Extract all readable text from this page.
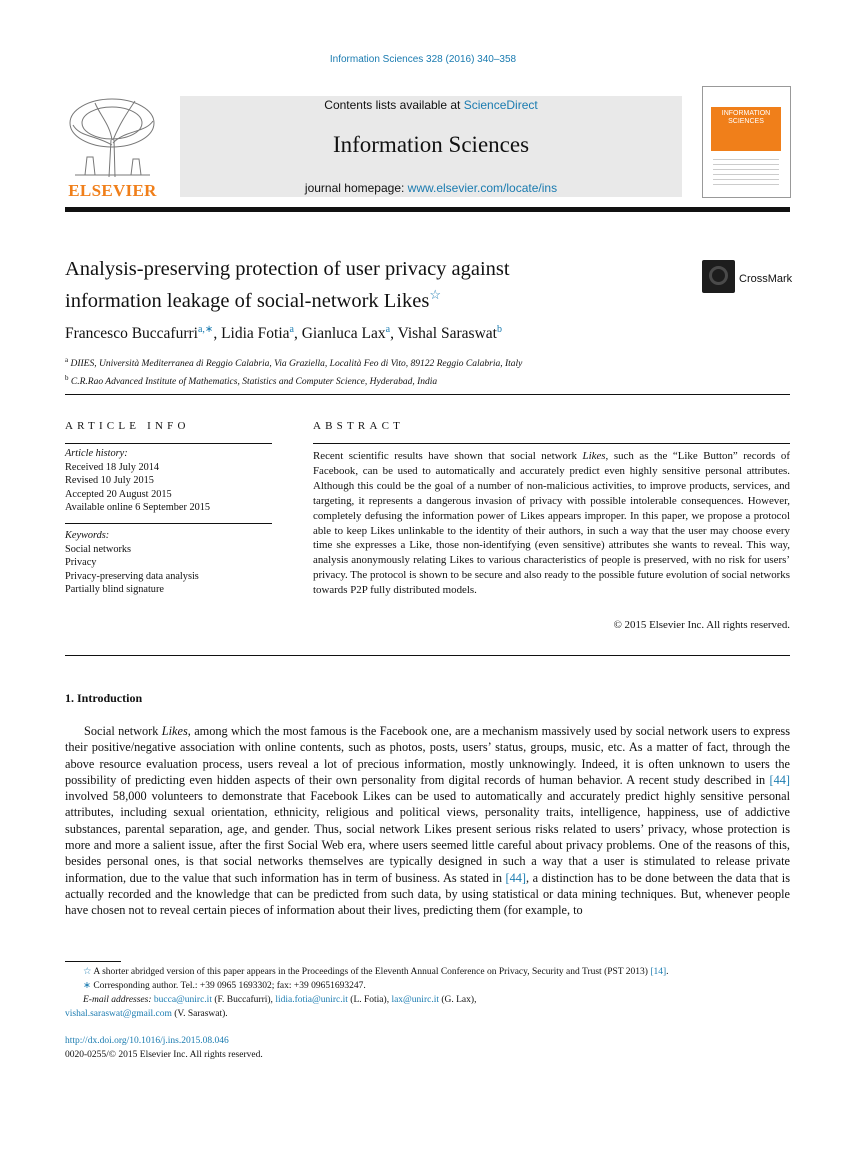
Information Sciences 328 (2016) 340–358
ELSEVIER
Contents lists available at ScienceDirect
Information Sciences
journal homepage: www.elsevier.com/locate/ins
INFORMATION SCIENCES
Analysis-preserving protection of user privacy against
information leakage of social-network Likes☆
CrossMark
Francesco Buccafurri$^{a,∗}$, Lidia Fotia$^a$, Gianluca Lax$^a$, Vishal Saraswat$^b$
$^a$ DIIES, Università Mediterranea di Reggio Calabria, Via Graziella, Località Feo di Vito, 89122 Reggio Calabria, Italy
$^b$ C.R.Rao Advanced Institute of Mathematics, Statistics and Computer Science, Hyderabad, India
ARTICLE INFO	ABSTRACT
Article history:
Received 18 July 2014
Revised 10 July 2015
Accepted 20 August 2015
Available online 6 September 2015
Keywords:
Social networks
Privacy
Privacy-preserving data analysis
Partially blind signature
Recent scientific results have shown that social network Likes, such as the “Like Button” records of Facebook, can be used to automatically and accurately predict even highly sensitive personal attributes. Although this could be the goal of a number of non-malicious activities, to improve products, services, and targeting, it represents a dangerous invasion of privacy with possible intolerable consequences. However, completely defusing the information power of Likes appears improper. In this paper, we propose a protocol able to keep Likes unlinkable to the identity of their authors, in such a way that the user may choose every time she expresses a Like, those non-identifying (even sensitive) attributes she wants to reveal. This way, analysis anonymously relating Likes to various characteristics of people is preserved, with no risk for users’ privacy. The protocol is shown to be secure and also ready to the possible future evolution of social networks towards P2P fully distributed models.
© 2015 Elsevier Inc. All rights reserved.
1. Introduction
Social network Likes, among which the most famous is the Facebook one, are a mechanism massively used by social network users to express their positive/negative association with online contents, such as photos, posts, users’ status, groups, music, etc. As a matter of fact, through the above resource evaluation process, users reveal a lot of precious information, mostly unknowingly. Indeed, it is often unknown to users the possibility of predicting even hidden aspects of their own personality from digital records of human behavior. A recent study described in [44] involved 58,000 volunteers to demonstrate that Facebook Likes can be used to automatically and accurately predict highly sensitive personal attributes, including sexual orientation, ethnicity, religious and political views, personality traits, intelligence, happiness, use of addictive substances, parental separation, age, and gender. Thus, social network Likes present serious risks related to users’ privacy, whose protection is more and more a salient issue, after the first Social Web era, where users seemed little careful about privacy problems. One of the reasons of this, besides personal ones, is that social networks themselves are typically designed in such a way that a user is stimulated to release private information, due to the value that such information has in term of business. As stated in [44], a distinction has to be done between the data that is actually recorded and the knowledge that can be predicted from such data, by using statistical or data mining techniques. But, whenever people have chosen not to reveal certain pieces of information about their lives, predicting them (for example, to
☆ A shorter abridged version of this paper appears in the Proceedings of the Eleventh Annual Conference on Privacy, Security and Trust (PST 2013) [14].
∗ Corresponding author. Tel.: +39 0965 1693302; fax: +39 09651693247.
E-mail addresses: bucca@unirc.it (F. Buccafurri), lidia.fotia@unirc.it (L. Fotia), lax@unirc.it (G. Lax),
vishal.saraswat@gmail.com (V. Saraswat).
http://dx.doi.org/10.1016/j.ins.2015.08.046
0020-0255/© 2015 Elsevier Inc. All rights reserved.
